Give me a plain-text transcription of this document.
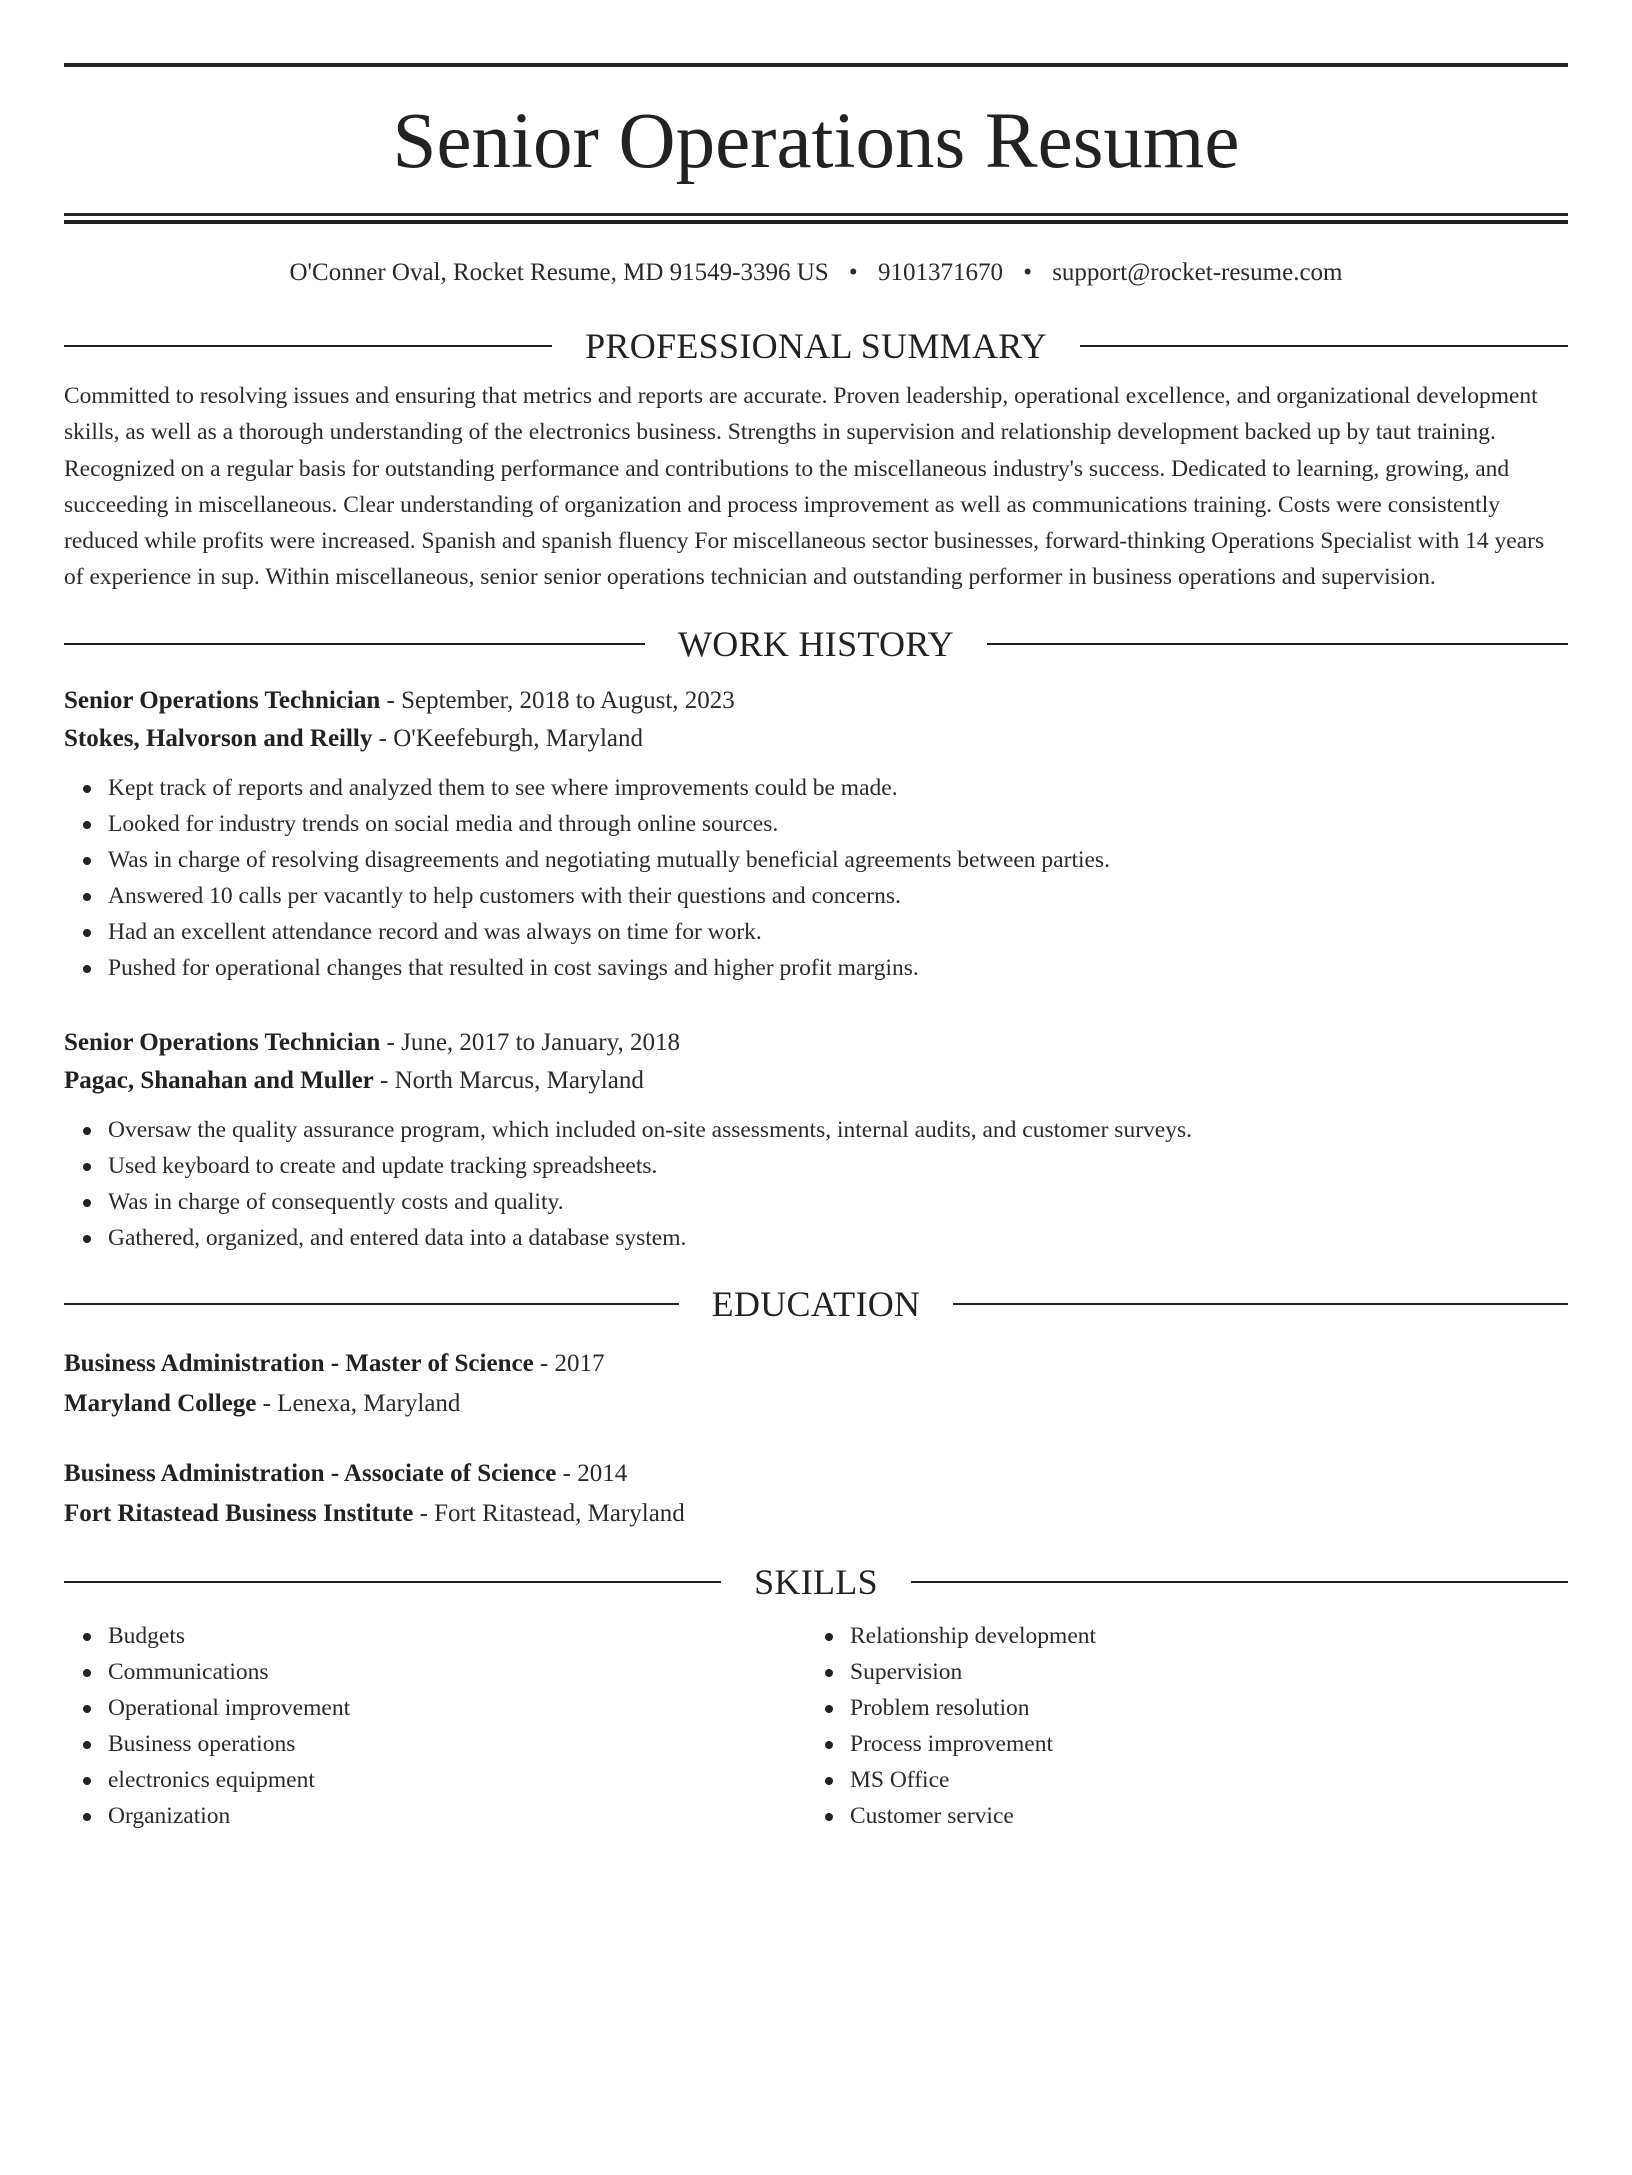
Senior Operations Resume
O'Conner Oval, Rocket Resume, MD 91549-3396 US • 9101371670 • support@rocket-resume.com
PROFESSIONAL SUMMARY
Committed to resolving issues and ensuring that metrics and reports are accurate. Proven leadership, operational excellence, and organizational development skills, as well as a thorough understanding of the electronics business. Strengths in supervision and relationship development backed up by taut training. Recognized on a regular basis for outstanding performance and contributions to the miscellaneous industry's success. Dedicated to learning, growing, and succeeding in miscellaneous. Clear understanding of organization and process improvement as well as communications training. Costs were consistently reduced while profits were increased. Spanish and spanish fluency For miscellaneous sector businesses, forward-thinking Operations Specialist with 14 years of experience in sup. Within miscellaneous, senior senior operations technician and outstanding performer in business operations and supervision.
WORK HISTORY
Senior Operations Technician - September, 2018 to August, 2023
Stokes, Halvorson and Reilly - O'Keefeburgh, Maryland
Kept track of reports and analyzed them to see where improvements could be made.
Looked for industry trends on social media and through online sources.
Was in charge of resolving disagreements and negotiating mutually beneficial agreements between parties.
Answered 10 calls per vacantly to help customers with their questions and concerns.
Had an excellent attendance record and was always on time for work.
Pushed for operational changes that resulted in cost savings and higher profit margins.
Senior Operations Technician - June, 2017 to January, 2018
Pagac, Shanahan and Muller - North Marcus, Maryland
Oversaw the quality assurance program, which included on-site assessments, internal audits, and customer surveys.
Used keyboard to create and update tracking spreadsheets.
Was in charge of consequently costs and quality.
Gathered, organized, and entered data into a database system.
EDUCATION
Business Administration - Master of Science - 2017
Maryland College - Lenexa, Maryland
Business Administration - Associate of Science - 2014
Fort Ritastead Business Institute - Fort Ritastead, Maryland
SKILLS
Budgets
Communications
Operational improvement
Business operations
electronics equipment
Organization
Relationship development
Supervision
Problem resolution
Process improvement
MS Office
Customer service
